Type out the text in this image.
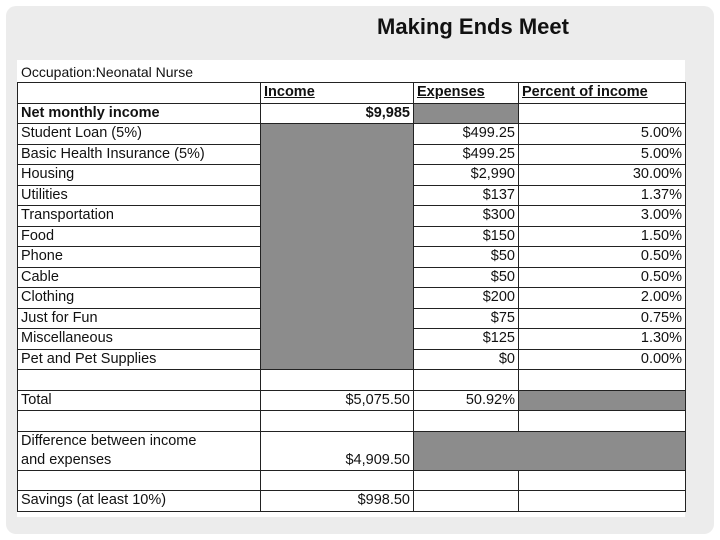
Making Ends Meet
Occupation:Neonatal Nurse
	Income	Expenses	Percent of income
Net monthly income	$9,985		
Student Loan (5%)		$499.25	5.00%
Basic Health Insurance (5%)		$499.25	5.00%
Housing		$2,990	30.00%
Utilities		$137	1.37%
Transportation		$300	3.00%
Food		$150	1.50%
Phone		$50	0.50%
Cable		$50	0.50%
Clothing		$200	2.00%
Just for Fun		$75	0.75%
Miscellaneous		$125	1.30%
Pet and Pet Supplies		$0	0.00%

Total	$5,075.50	50.92%	

Difference between income
and expenses	$4,909.50		

Savings (at least 10%)	$998.50		
